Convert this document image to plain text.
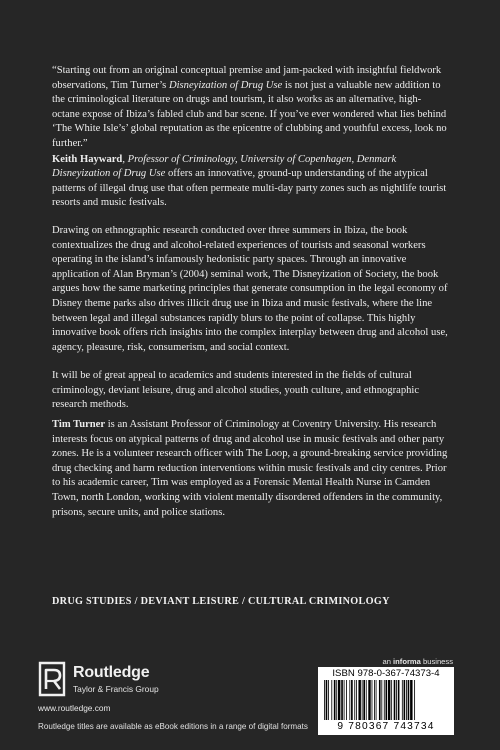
“Starting out from an original conceptual premise and jam-packed with insightful fieldwork observations, Tim Turner’s Disneyization of Drug Use is not just a valuable new addition to the criminological literature on drugs and tourism, it also works as an alternative, high-octane expose of Ibiza’s fabled club and bar scene. If you’ve ever wondered what lies behind ‘The White Isle’s’ global reputation as the epicentre of clubbing and youthful excess, look no further.”

Keith Hayward, Professor of Criminology, University of Copenhagen, Denmark

Disneyization of Drug Use offers an innovative, ground-up understanding of the atypical patterns of illegal drug use that often permeate multi-day party zones such as nightlife tourist resorts and music festivals.

Drawing on ethnographic research conducted over three summers in Ibiza, the book contextualizes the drug and alcohol-related experiences of tourists and seasonal workers operating in the island’s infamously hedonistic party spaces. Through an innovative application of Alan Bryman’s (2004) seminal work, The Disneyization of Society, the book argues how the same marketing principles that generate consumption in the legal economy of Disney theme parks also drives illicit drug use in Ibiza and music festivals, where the line between legal and illegal substances rapidly blurs to the point of collapse. This highly innovative book offers rich insights into the complex interplay between drug and alcohol use, agency, pleasure, risk, consumerism, and social context.

It will be of great appeal to academics and students interested in the fields of cultural criminology, deviant leisure, drug and alcohol studies, youth culture, and ethnographic research methods.

Tim Turner is an Assistant Professor of Criminology at Coventry University. His research interests focus on atypical patterns of drug and alcohol use in music festivals and other party zones. He is a volunteer research officer with The Loop, a ground-breaking service providing drug checking and harm reduction interventions within music festivals and city centres. Prior to his academic career, Tim was employed as a Forensic Mental Health Nurse in Camden Town, north London, working with violent mentally disordered offenders in the community, prisons, secure units, and police stations.

DRUG STUDIES / DEVIANT LEISURE / CULTURAL CRIMINOLOGY
Routledge
Taylor & Francis Group
www.routledge.com
Routledge titles are available as eBook editions in a range of digital formats
an informa business
ISBN 978-0-367-74373-4
9 780367 743734
